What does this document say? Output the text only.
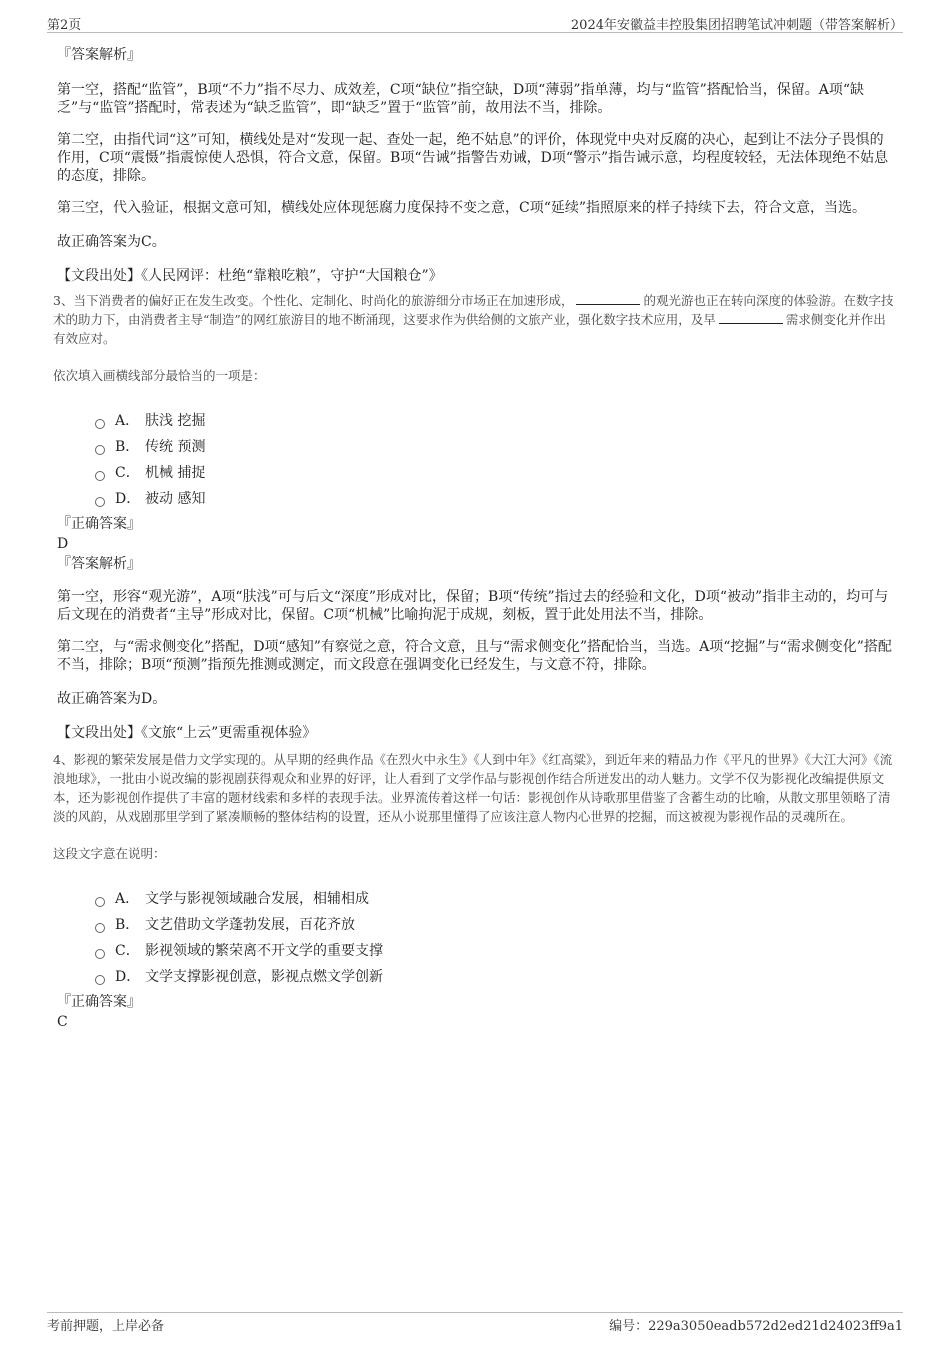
第2页	2024年安徽益丰控股集团招聘笔试冲刺题（带答案解析）
『答案解析』

第一空，搭配“监管”，B项“不力”指不尽力、成效差，C项“缺位”指空缺，D项“薄弱”指单薄，均与“监管”搭配恰当，保留。A项“缺乏”与“监管”搭配时，常表述为“缺乏监管”，即“缺乏”置于“监管”前，故用法不当，排除。

第二空，由指代词“这”可知，横线处是对“发现一起、查处一起，绝不姑息”的评价，体现党中央对反腐的决心，起到让不法分子畏惧的作用，C项“震慑”指震惊使人恐惧，符合文意，保留。B项“告诫”指警告劝诫，D项“警示”指告诫示意，均程度较轻，无法体现绝不姑息的态度，排除。

第三空，代入验证，根据文意可知，横线处应体现惩腐力度保持不变之意，C项“延续”指照原来的样子持续下去，符合文意，当选。

故正确答案为C。

【文段出处】《人民网评：杜绝“靠粮吃粮”，守护“大国粮仓”》
3、当下消费者的偏好正在发生改变。个性化、定制化、时尚化的旅游细分市场正在加速形成，	的观光游也正在转向深度的体验游。在数字技术的助力下，由消费者主导“制造”的网红旅游目的地不断涌现，这要求作为供给侧的文旅产业，强化数字技术应用，及早	需求侧变化并作出有效应对。
依次填入画横线部分最恰当的一项是：
A． 肤浅 挖掘
B． 传统 预测
C． 机械 捕捉
D． 被动 感知
『正确答案』
D
『答案解析』

第一空，形容“观光游”，A项“肤浅”可与后文“深度”形成对比，保留；B项“传统”指过去的经验和文化，D项“被动”指非主动的，均可与后文现在的消费者“主导”形成对比，保留。C项“机械”比喻拘泥于成规，刻板，置于此处用法不当，排除。

第二空，与“需求侧变化”搭配，D项“感知”有察觉之意，符合文意，且与“需求侧变化”搭配恰当，当选。A项“挖掘”与“需求侧变化”搭配不当，排除；B项“预测”指预先推测或测定，而文段意在强调变化已经发生，与文意不符，排除。

故正确答案为D。

【文段出处】《文旅“上云”更需重视体验》
4、影视的繁荣发展是借力文学实现的。从早期的经典作品《在烈火中永生》《人到中年》《红高粱》，到近年来的精品力作《平凡的世界》《大江大河》《流浪地球》，一批由小说改编的影视剧获得观众和业界的好评，让人看到了文学作品与影视创作结合所迸发出的动人魅力。文学不仅为影视化改编提供原文本，还为影视创作提供了丰富的题材线索和多样的表现手法。业界流传着这样一句话：影视创作从诗歌那里借鉴了含蓄生动的比喻，从散文那里领略了清淡的风韵，从戏剧那里学到了紧凑顺畅的整体结构的设置，还从小说那里懂得了应该注意人物内心世界的挖掘，而这被视为影视作品的灵魂所在。
这段文字意在说明：
A． 文学与影视领域融合发展，相辅相成
B． 文艺借助文学蓬勃发展，百花齐放
C． 影视领域的繁荣离不开文学的重要支撑
D． 文学支撑影视创意，影视点燃文学创新
『正确答案』
C
考前押题，上岸必备	编号：229a3050eadb572d2ed21d24023ff9a1
